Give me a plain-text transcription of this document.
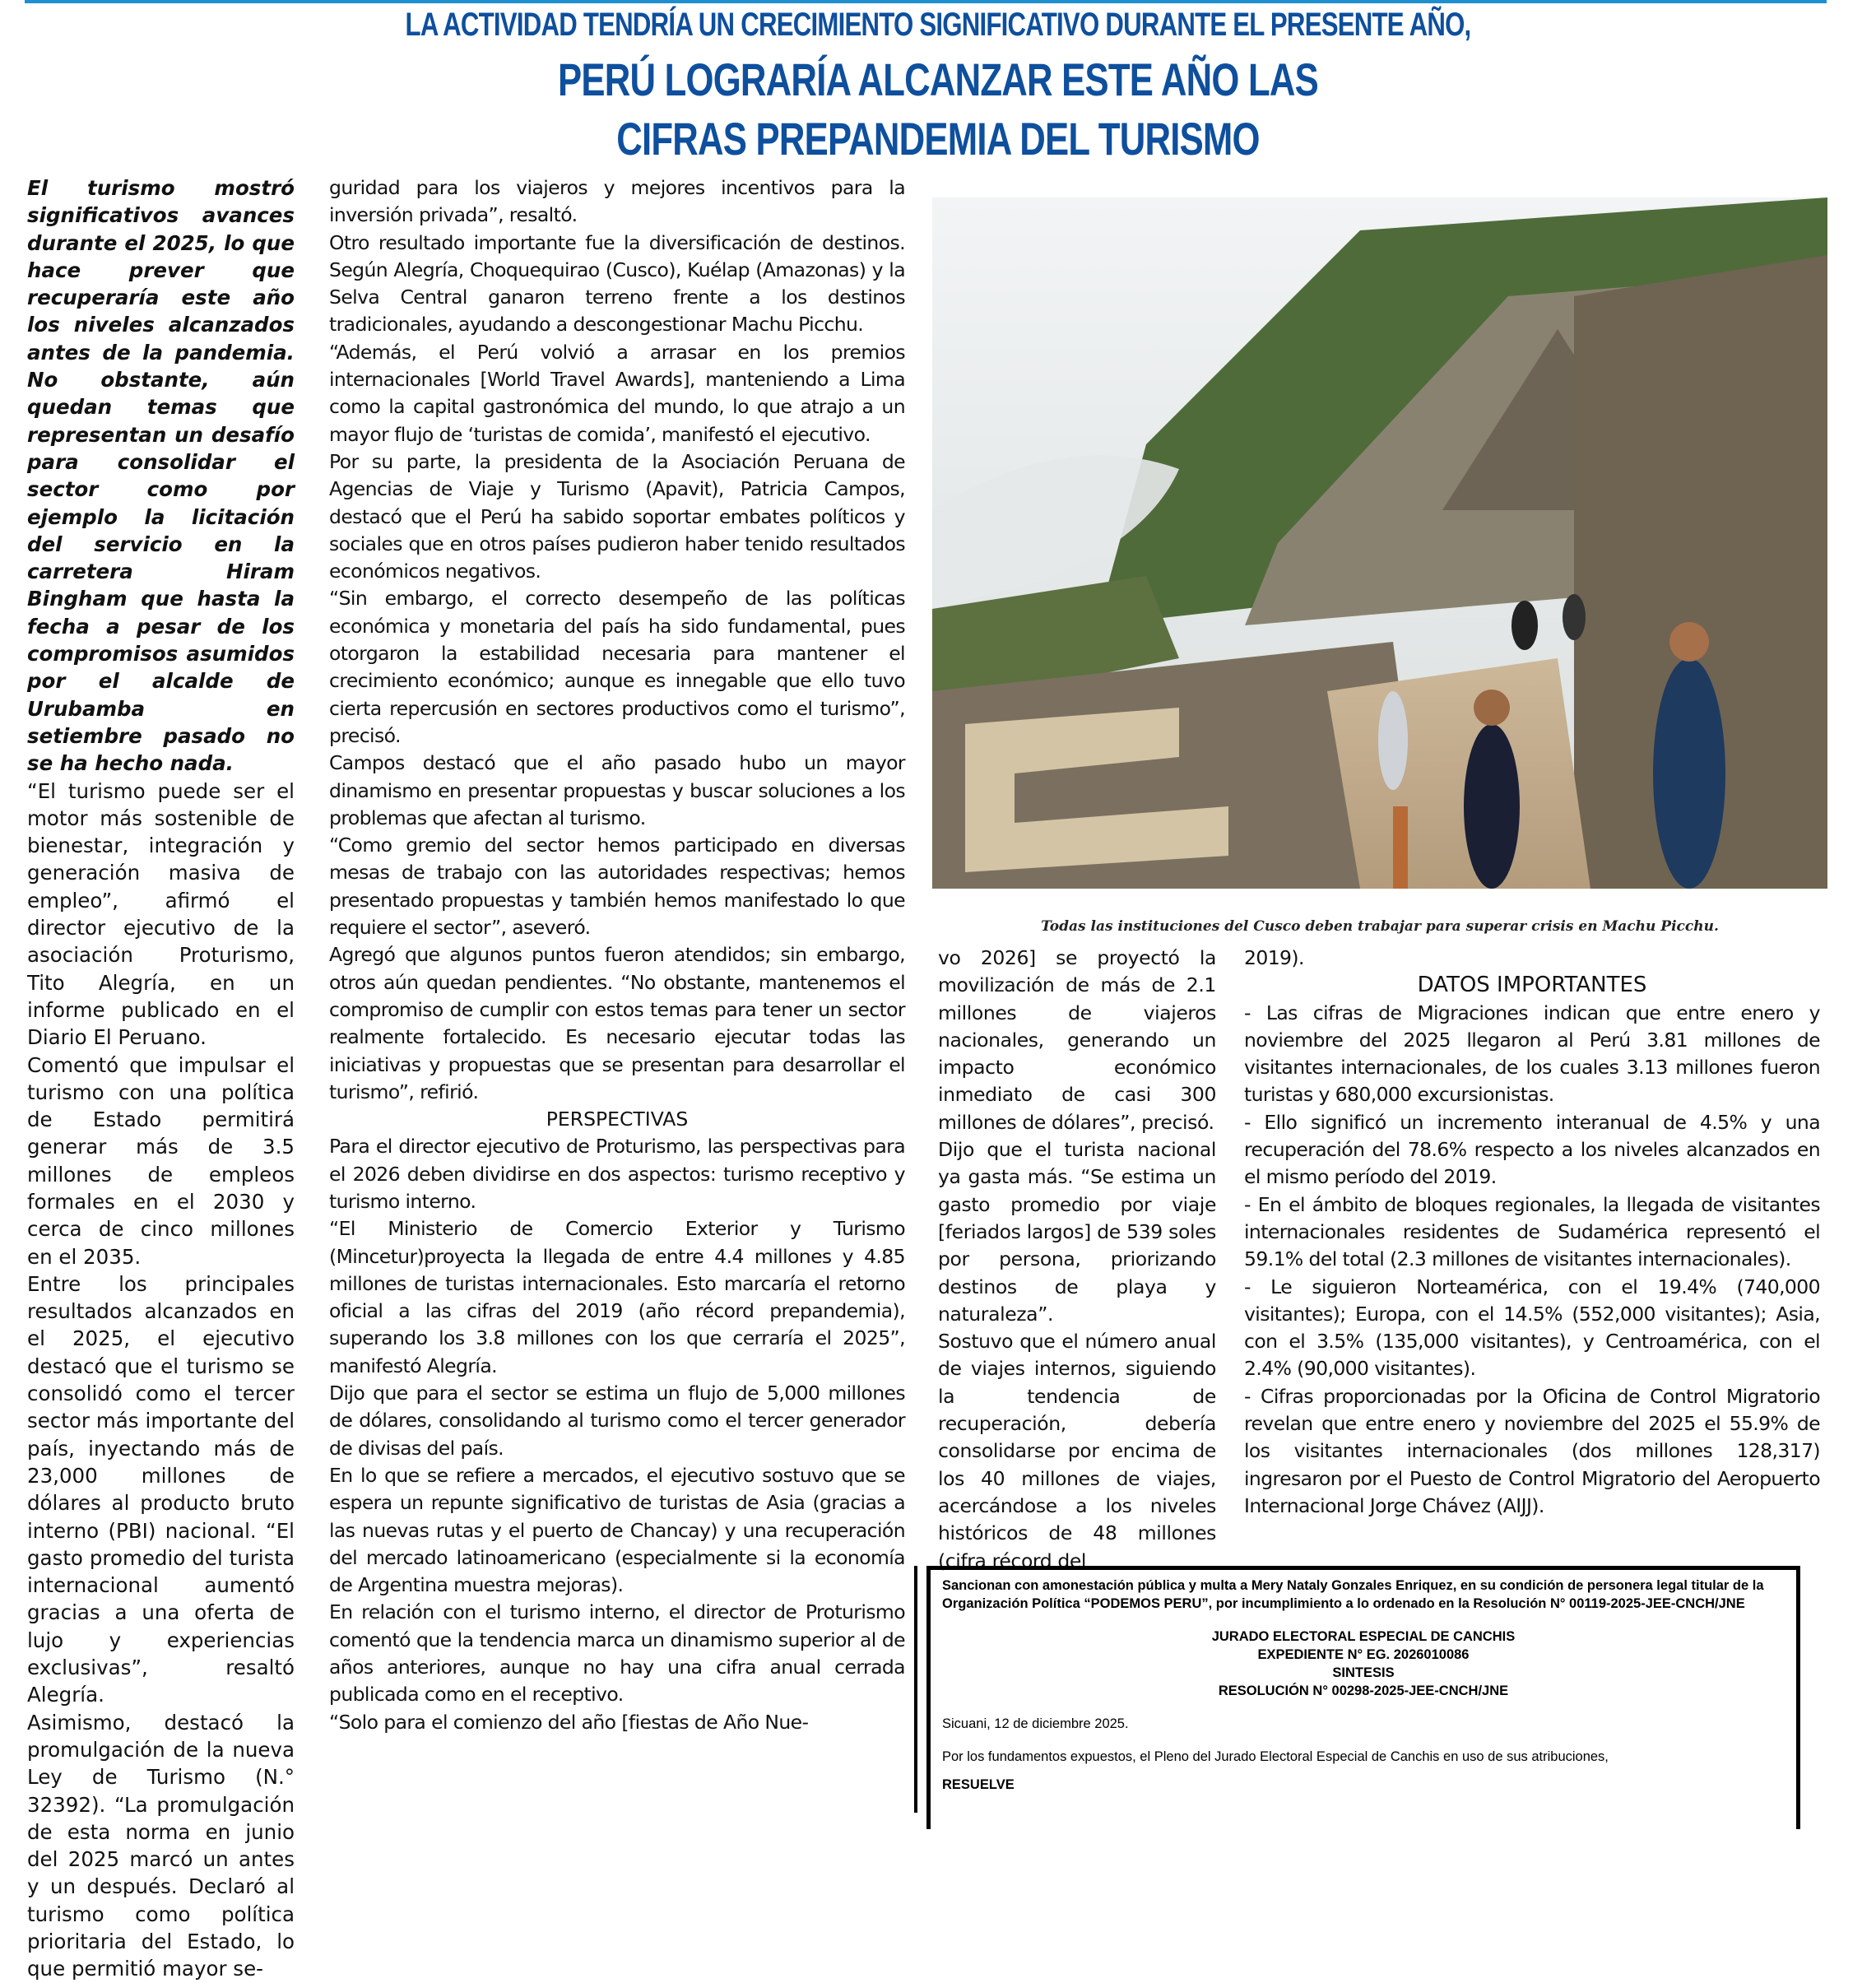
LA ACTIVIDAD TENDRÍA UN CRECIMIENTO SIGNIFICATIVO DURANTE EL PRESENTE AÑO,
PERÚ LOGRARÍA ALCANZAR ESTE AÑO LAS
CIFRAS PREPANDEMIA DEL TURISMO

El turismo mostró significativos avances durante el 2025, lo que hace prever que recuperaría este año los niveles alcanzados antes de la pandemia. No obstante, aún quedan temas que representan un desafío para consolidar el sector como por ejemplo la licitación del servicio en la carretera Hiram Bingham que hasta la fecha a pesar de los compromisos asumidos por el alcalde de Urubamba en setiembre pasado no se ha hecho nada.

“El turismo puede ser el motor más sostenible de bienestar, integración y generación masiva de empleo”, afirmó el director ejecutivo de la asociación Proturismo, Tito Alegría, en un informe publicado en el Diario El Peruano.

Comentó que impulsar el turismo con una política de Estado permitirá generar más de 3.5 millones de empleos formales en el 2030 y cerca de cinco millones en el 2035.

Entre los principales resultados alcanzados en el 2025, el ejecutivo destacó que el turismo se consolidó como el tercer sector más importante del país, inyectando más de 23,000 millones de dólares al producto bruto interno (PBI) nacional. “El gasto promedio del turista internacional aumentó gracias a una oferta de lujo y experiencias exclusivas”, resaltó Alegría.

Asimismo, destacó la promulgación de la nueva Ley de Turismo (N.° 32392). “La promulgación de esta norma en junio del 2025 marcó un antes y un después. Declaró al turismo como política prioritaria del Estado, lo que permitió mayor se-

guridad para los viajeros y mejores incentivos para la inversión privada”, resaltó.

Otro resultado importante fue la diversificación de destinos. Según Alegría, Choquequirao (Cusco), Kuélap (Amazonas) y la Selva Central ganaron terreno frente a los destinos tradicionales, ayudando a descongestionar Machu Picchu.

“Además, el Perú volvió a arrasar en los premios internacionales [World Travel Awards], manteniendo a Lima como la capital gastronómica del mundo, lo que atrajo a un mayor flujo de ‘turistas de comida’, manifestó el ejecutivo.

Por su parte, la presidenta de la Asociación Peruana de Agencias de Viaje y Turismo (Apavit), Patricia Campos, destacó que el Perú ha sabido soportar embates políticos y sociales que en otros países pudieron haber tenido resultados económicos negativos.

“Sin embargo, el correcto desempeño de las políticas económica y monetaria del país ha sido fundamental, pues otorgaron la estabilidad necesaria para mantener el crecimiento económico; aunque es innegable que ello tuvo cierta repercusión en sectores productivos como el turismo”, precisó.

Campos destacó que el año pasado hubo un mayor dinamismo en presentar propuestas y buscar soluciones a los problemas que afectan al turismo.

“Como gremio del sector hemos participado en diversas mesas de trabajo con las autoridades respectivas; hemos presentado propuestas y también hemos manifestado lo que requiere el sector”, aseveró.

Agregó que algunos puntos fueron atendidos; sin embargo, otros aún quedan pendientes. “No obstante, mantenemos el compromiso de cumplir con estos temas para tener un sector realmente fortalecido. Es necesario ejecutar todas las iniciativas y propuestas que se presentan para desarrollar el turismo”, refirió.

PERSPECTIVAS

Para el director ejecutivo de Proturismo, las perspectivas para el 2026 deben dividirse en dos aspectos: turismo receptivo y turismo interno.

“El Ministerio de Comercio Exterior y Turismo (Mincetur)proyecta la llegada de entre 4.4 millones y 4.85 millones de turistas internacionales. Esto marcaría el retorno oficial a las cifras del 2019 (año récord prepandemia), superando los 3.8 millones con los que cerraría el 2025”, manifestó Alegría.

Dijo que para el sector se estima un flujo de 5,000 millones de dólares, consolidando al turismo como el tercer generador de divisas del país.

En lo que se refiere a mercados, el ejecutivo sostuvo que se espera un repunte significativo de turistas de Asia (gracias a las nuevas rutas y el puerto de Chancay) y una recuperación del mercado latinoamericano (especialmente si la economía de Argentina muestra mejoras).

En relación con el turismo interno, el director de Proturismo comentó que la tendencia marca un dinamismo superior al de años anteriores, aunque no hay una cifra anual cerrada publicada como en el receptivo.

“Solo para el comienzo del año [fiestas de Año Nue-

Todas las instituciones del Cusco deben trabajar para superar crisis en Machu Picchu.

vo 2026] se proyectó la movilización de más de 2.1 millones de viajeros nacionales, generando un impacto económico inmediato de casi 300 millones de dólares”, precisó.

Dijo que el turista nacional ya gasta más. “Se estima un gasto promedio por viaje [feriados largos] de 539 soles por persona, priorizando destinos de playa y naturaleza”.

Sostuvo que el número anual de viajes internos, siguiendo la tendencia de recuperación, debería consolidarse por encima de los 40 millones de viajes, acercándose a los niveles históricos de 48 millones (cifra récord del

2019).

DATOS IMPORTANTES

- Las cifras de Migraciones indican que entre enero y noviembre del 2025 llegaron al Perú 3.81 millones de visitantes internacionales, de los cuales 3.13 millones fueron turistas y 680,000 excursionistas.

- Ello significó un incremento interanual de 4.5% y una recuperación del 78.6% respecto a los niveles alcanzados en el mismo período del 2019.

- En el ámbito de bloques regionales, la llegada de visitantes internacionales residentes de Sudamérica representó el 59.1% del total (2.3 millones de visitantes internacionales).

- Le siguieron Norteamérica, con el 19.4% (740,000 visitantes); Europa, con el 14.5% (552,000 visitantes); Asia, con el 3.5% (135,000 visitantes), y Centroamérica, con el 2.4% (90,000 visitantes).

- Cifras proporcionadas por la Oficina de Control Migratorio revelan que entre enero y noviembre del 2025 el 55.9% de los visitantes internacionales (dos millones 128,317) ingresaron por el Puesto de Control Migratorio del Aeropuerto Internacional Jorge Chávez (AIJJ).

Sancionan con amonestación pública y multa a Mery Nataly Gonzales Enriquez, en su condición de personera legal titular de la Organización Política “PODEMOS PERU”, por incumplimiento a lo ordenado en la Resolución N° 00119-2025-JEE-CNCH/JNE
JURADO ELECTORAL ESPECIAL DE CANCHIS
EXPEDIENTE N° EG. 2026010086
SINTESIS
RESOLUCIÓN N° 00298-2025-JEE-CNCH/JNE
Sicuani, 12 de diciembre 2025.
Por los fundamentos expuestos, el Pleno del Jurado Electoral Especial de Canchis en uso de sus atribuciones,
RESUELVE
